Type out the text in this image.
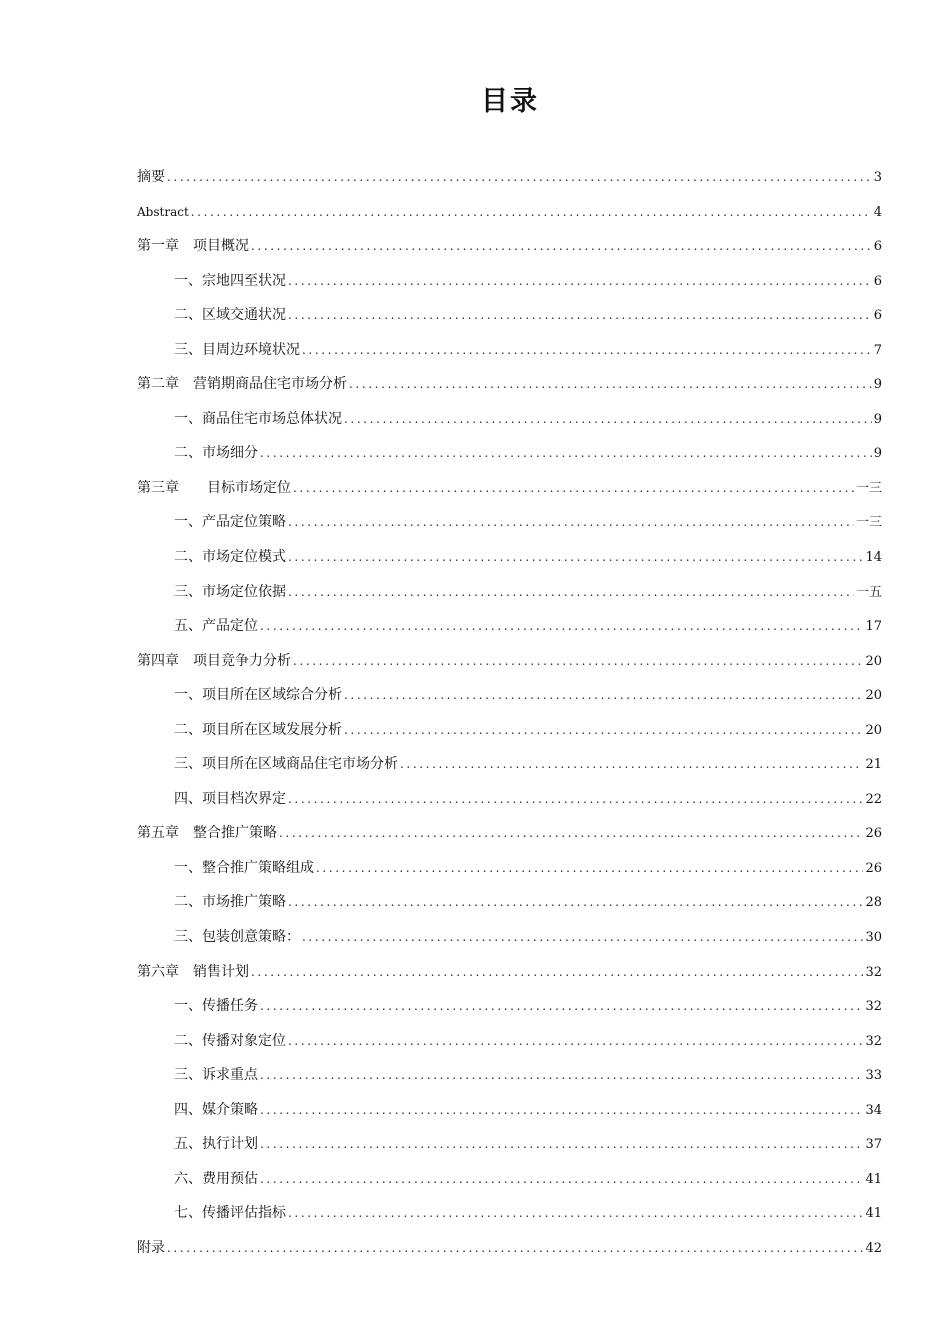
目录
摘要 .....	3
Abstract .....	4
第一章　项目概况 .....	6
一、宗地四至状况 .....	6
二、区域交通状况 .....	6
三、目周边环境状况 .....	7
第二章　营销期商品住宅市场分析 .....	9
一、商品住宅市场总体状况 .....	9
二、市场细分 .....	9
第三章　　目标市场定位 .....	一三
一、产品定位策略 .....	一三
二、市场定位模式 .....	14
三、市场定位依据 .....	一五
五、产品定位 .....	17
第四章　项目竞争力分析 .....	20
一、项目所在区域综合分析 .....	20
二、项目所在区域发展分析 .....	20
三、项目所在区域商品住宅市场分析 .....	21
四、项目档次界定 .....	22
第五章　整合推广策略 .....	26
一、整合推广策略组成 .....	26
二、市场推广策略 .....	28
三、包装创意策略： .....	30
第六章　销售计划 .....	32
一、传播任务 .....	32
二、传播对象定位 .....	32
三、诉求重点 .....	33
四、媒介策略 .....	34
五、执行计划 .....	37
六、费用预估 .....	41
七、传播评估指标 .....	41
附录 .....	42
